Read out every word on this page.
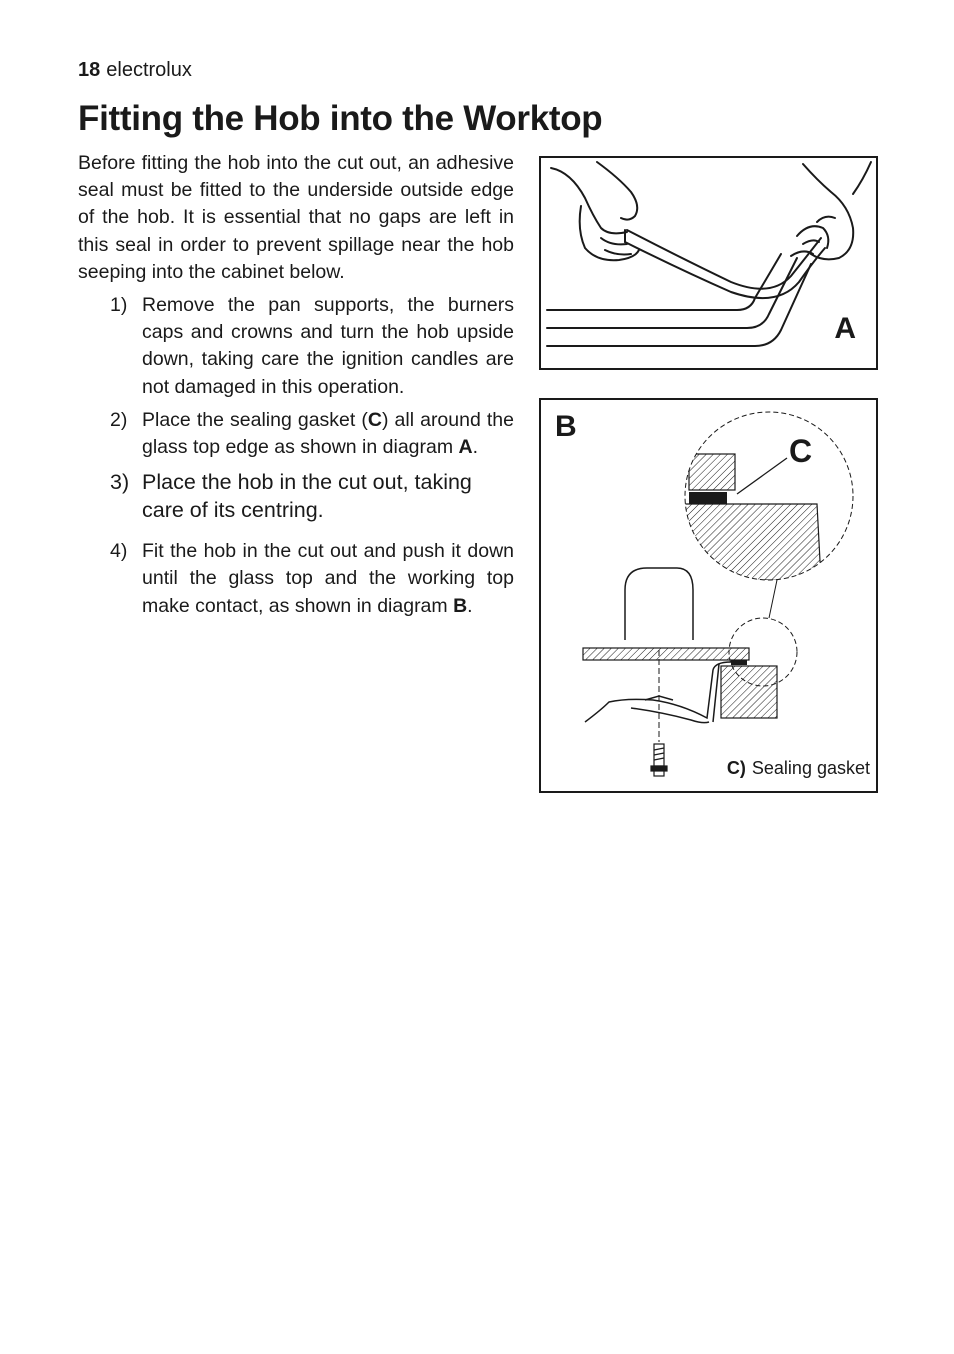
18 electrolux
Fitting the Hob into the Worktop

Before fitting the hob into the cut out, an adhesive seal must be fitted to the underside outside edge of the hob. It is essential that no gaps are left in this seal in order to prevent spillage near the hob seeping into the cabinet below.

1) Remove the pan supports, the burners caps and crowns and turn the hob upside down, taking care the ignition candles are not damaged in this operation.
2) Place the sealing gasket (C) all around the glass top edge as shown in diagram A.
3) Place the hob in the cut out, taking care of its centring.
4) Fit the hob in the cut out and push it down until the glass top and the working top make contact, as shown in diagram B.
A
B
C
C) Sealing gasket
